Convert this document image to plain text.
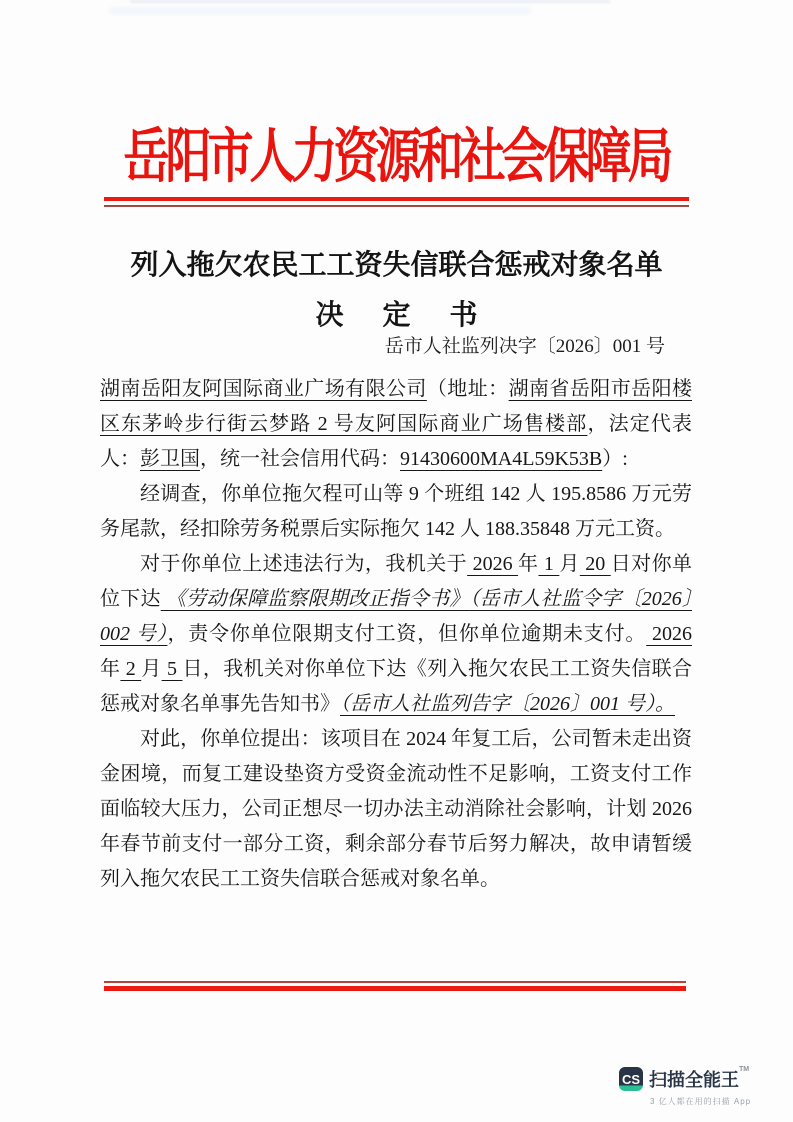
岳阳市人力资源和社会保障局
列入拖欠农民工工资失信联合惩戒对象名单
决 定 书
岳市人社监列决字〔2026〕001 号

湖南岳阳友阿国际商业广场有限公司（地址：湖南省岳阳市岳阳楼区东茅岭步行街云梦路 2 号友阿国际商业广场售楼部，法定代表人：彭卫国，统一社会信用代码：91430600MA4L59K53B）:

经调查，你单位拖欠程可山等 9 个班组 142 人 195.8586 万元劳务尾款，经扣除劳务税票后实际拖欠 142 人 188.35848 万元工资。

对于你单位上述违法行为，我机关于 2026 年 1 月 20 日对你单位下达 《劳动保障监察限期改正指令书》（岳市人社监令字〔2026〕002 号），责令你单位限期支付工资，但你单位逾期未支付。 2026 年 2 月 5 日，我机关对你单位下达《列入拖欠农民工工资失信联合惩戒对象名单事先告知书》（岳市人社监列告字〔2026〕001 号）。

对此，你单位提出：该项目在 2024 年复工后，公司暂未走出资金困境，而复工建设垫资方受资金流动性不足影响，工资支付工作面临较大压力，公司正想尽一切办法主动消除社会影响，计划 2026 年春节前支付一部分工资，剩余部分春节后努力解决，故申请暂缓列入拖欠农民工工资失信联合惩戒对象名单。

CS 扫描全能王™
3 亿人都在用的扫描 App
